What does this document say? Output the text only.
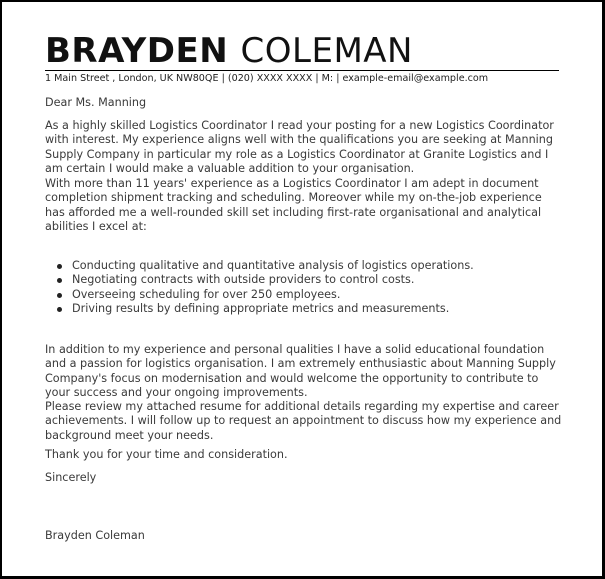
BRAYDEN COLEMAN
1 Main Street , London, UK NW80QE | (020) XXXX XXXX | M: | example-email@example.com

Dear Ms. Manning

As a highly skilled Logistics Coordinator I read your posting for a new Logistics Coordinator with interest. My experience aligns well with the qualifications you are seeking at Manning Supply Company in particular my role as a Logistics Coordinator at Granite Logistics and I am certain I would make a valuable addition to your organisation.

With more than 11 years' experience as a Logistics Coordinator I am adept in document completion shipment tracking and scheduling. Moreover while my on-the-job experience has afforded me a well-rounded skill set including first-rate organisational and analytical abilities I excel at:

Conducting qualitative and quantitative analysis of logistics operations.
Negotiating contracts with outside providers to control costs.
Overseeing scheduling for over 250 employees.
Driving results by defining appropriate metrics and measurements.

In addition to my experience and personal qualities I have a solid educational foundation and a passion for logistics organisation. I am extremely enthusiastic about Manning Supply Company's focus on modernisation and would welcome the opportunity to contribute to your success and your ongoing improvements.

Please review my attached resume for additional details regarding my expertise and career achievements. I will follow up to request an appointment to discuss how my experience and background meet your needs.

Thank you for your time and consideration.

Sincerely

Brayden Coleman
